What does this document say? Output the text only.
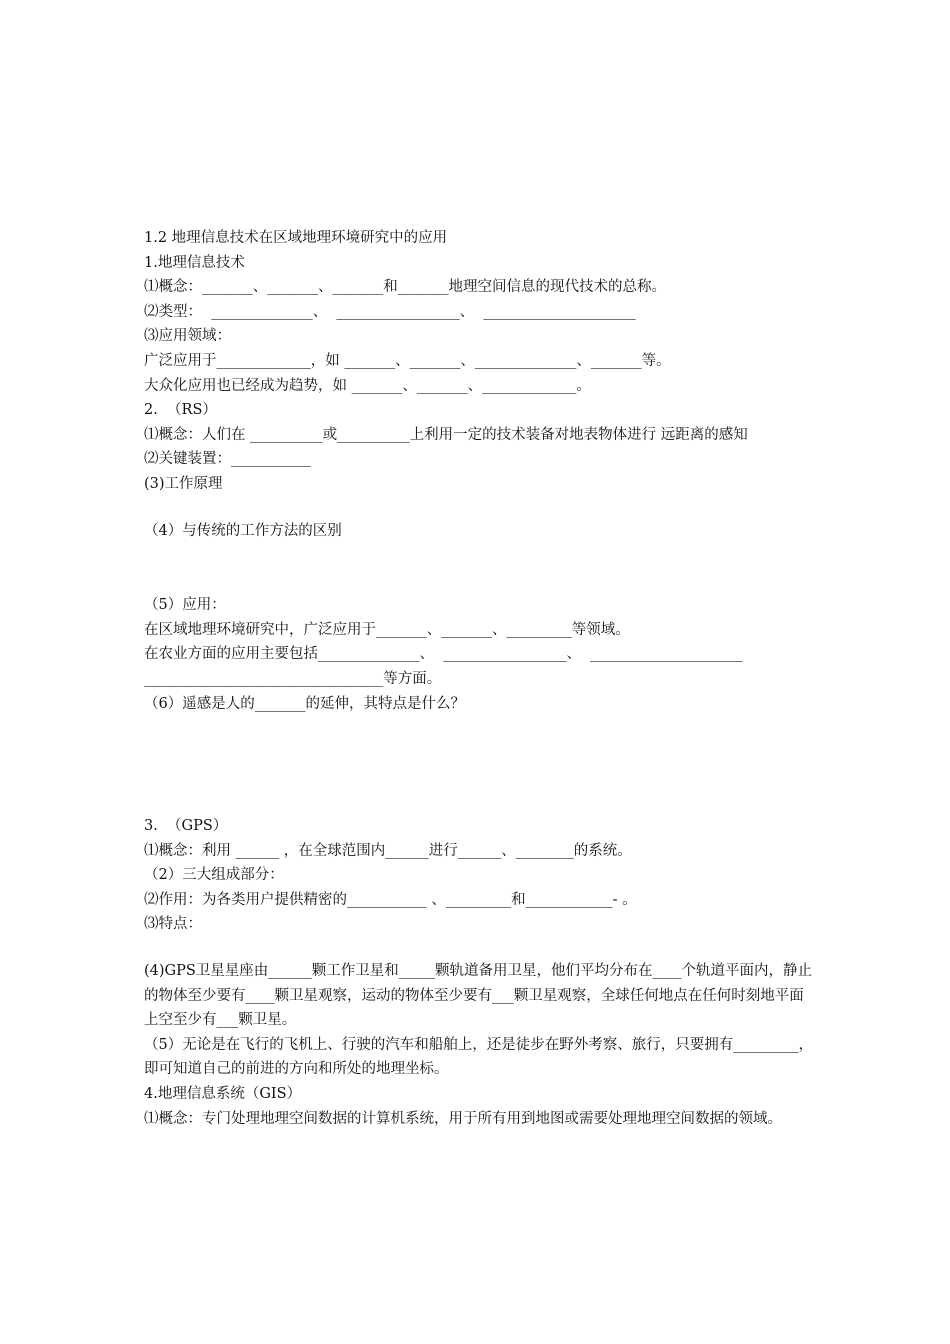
1.2 地理信息技术在区域地理环境研究中的应用

1.地理信息技术

⑴概念：_______、_______、_______和_______地理空间信息的现代技术的总称。

⑵类型：  ______________、  _________________、  _____________________

⑶应用领域：

广泛应用于_____________，如 _______、_______、______________、_______等。

大众化应用也已经成为趋势，如 _______、_______、_____________。

2.  （RS）

⑴概念：人们在 __________或__________上利用一定的技术装备对地表物体进行 远距离的感知

⑵关键装置：___________

(3)工作原理

（4）与传统的工作方法的区别

（5）应用：

在区域地理环境研究中，广泛应用于_______、_______、_________等领域。

在农业方面的应用主要包括______________、  _________________、  _____________________

_________________________________等方面。

（6）遥感是人的_______的延伸，其特点是什么？

3.  （GPS）

⑴概念：利用 ______ ，在全球范围内______进行______、________的系统。

（2）三大组成部分：

⑵作用：为各类用户提供精密的___________ 、_________和____________- 。

⑶特点：

(4)GPS卫星星座由______颗工作卫星和_____颗轨道备用卫星，他们平均分布在____个轨道平面内，静止的物体至少要有____颗卫星观察，运动的物体至少要有___颗卫星观察，全球任何地点在任何时刻地平面上空至少有___颗卫星。

（5）无论是在飞行的飞机上、行驶的汽车和船舶上，还是徒步在野外考察、旅行，只要拥有_________，即可知道自己的前进的方向和所处的地理坐标。

4.地理信息系统（GIS）

⑴概念：专门处理地理空间数据的计算机系统，用于所有用到地图或需要处理地理空间数据的领域。
